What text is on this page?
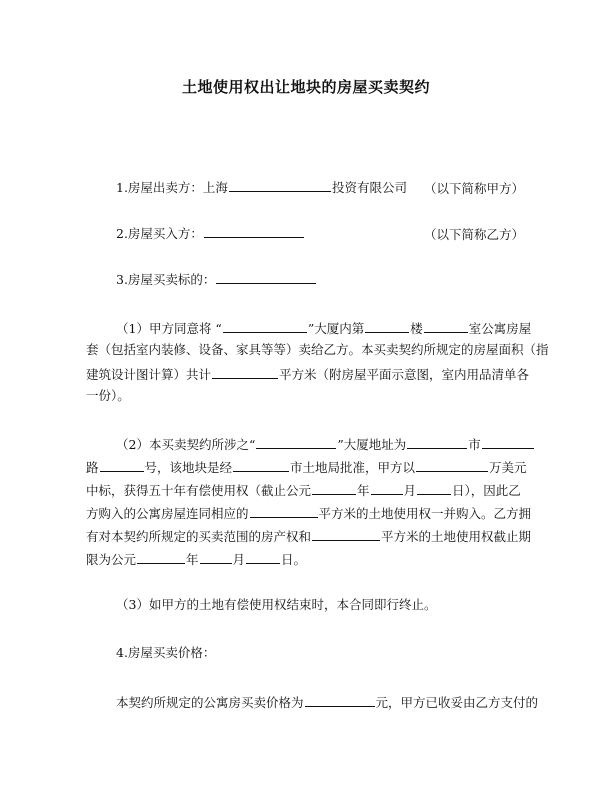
土地使用权出让地块的房屋买卖契约
1.房屋出卖方：上海	投资有限公司 （以下简称甲方）
2.房屋买入方：	（以下简称乙方）
3.房屋买卖标的：
（1）甲方同意将 “	”大厦内第	楼	室公寓房屋
套（包括室内装修、设备、家具等等）卖给乙方。本买卖契约所规定的房屋面积（指
建筑设计图计算）共计	平方米（附房屋平面示意图，室内用品清单各
一份）。
（2）本买卖契约所涉之“	”大厦地址为	市
路	号，该地块是经	市土地局批准，甲方以	万美元
中标，获得五十年有偿使用权（截止公元	年	月	日），因此乙
方购入的公寓房屋连同相应的	平方米的土地使用权一并购入。乙方拥
有对本契约所规定的买卖范围的房产权和	平方米的土地使用权截止期
限为公元	年	月	日。
（3）如甲方的土地有偿使用权结束时，本合同即行终止。
4.房屋买卖价格：
本契约所规定的公寓房买卖价格为	元，甲方已收妥由乙方支付的
